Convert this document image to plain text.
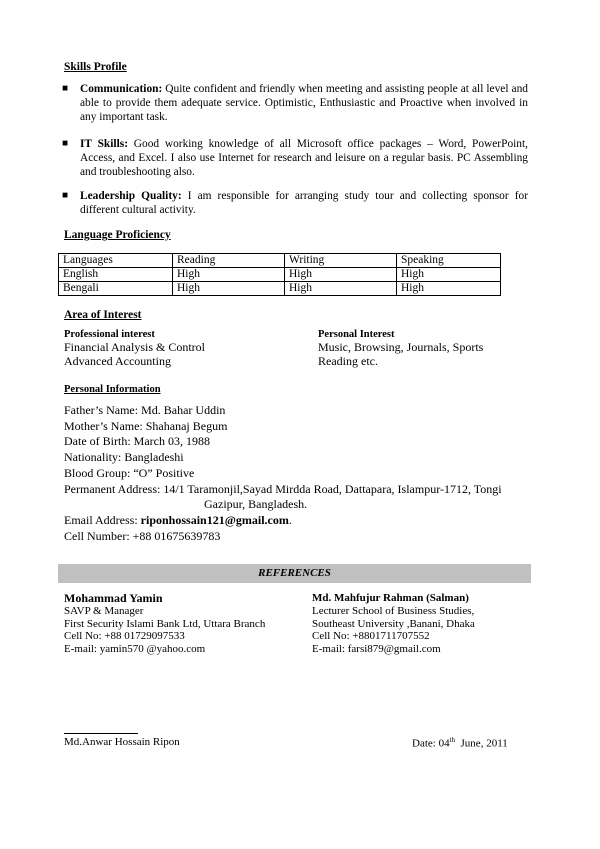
Skills Profile
■ Communication: Quite confident and friendly when meeting and assisting people at all level and able to provide them adequate service. Optimistic, Enthusiastic and Proactive when involved in any important task.
■ IT Skills: Good working knowledge of all Microsoft office packages – Word, PowerPoint, Access, and Excel. I also use Internet for research and leisure on a regular basis. PC Assembling and troubleshooting also.
■ Leadership Quality: I am responsible for arranging study tour and collecting sponsor for different cultural activity.
Language Proficiency
Languages	Reading	Writing	Speaking
English	High	High	High
Bengali	High	High	High
Area of Interest
Professional interest
Financial Analysis & Control
Advanced Accounting
Personal Interest
Music, Browsing, Journals, Sports
Reading etc.
Personal Information
Father’s Name: Md. Bahar Uddin
Mother’s Name: Shahanaj Begum
Date of Birth: March 03, 1988
Nationality: Bangladeshi
Blood Group: “O” Positive
Permanent Address: 14/1 Taramonjil,Sayad Mirdda Road, Dattapara, Islampur-1712, Tongi
Gazipur, Bangladesh.
Email Address: riponhossain121@gmail.com.
Cell Number: +88 01675639783
REFERENCES
Mohammad Yamin
SAVP & Manager
First Security Islami Bank Ltd, Uttara Branch
Cell No: +88 01729097533
E-mail: yamin570 @yahoo.com
Md. Mahfujur Rahman (Salman)
Lecturer School of Business Studies,
Southeast University ,Banani, Dhaka
Cell No: +8801711707552
E-mail: farsi879@gmail.com
Md.Anwar Hossain Ripon	Date: 04th  June, 2011
